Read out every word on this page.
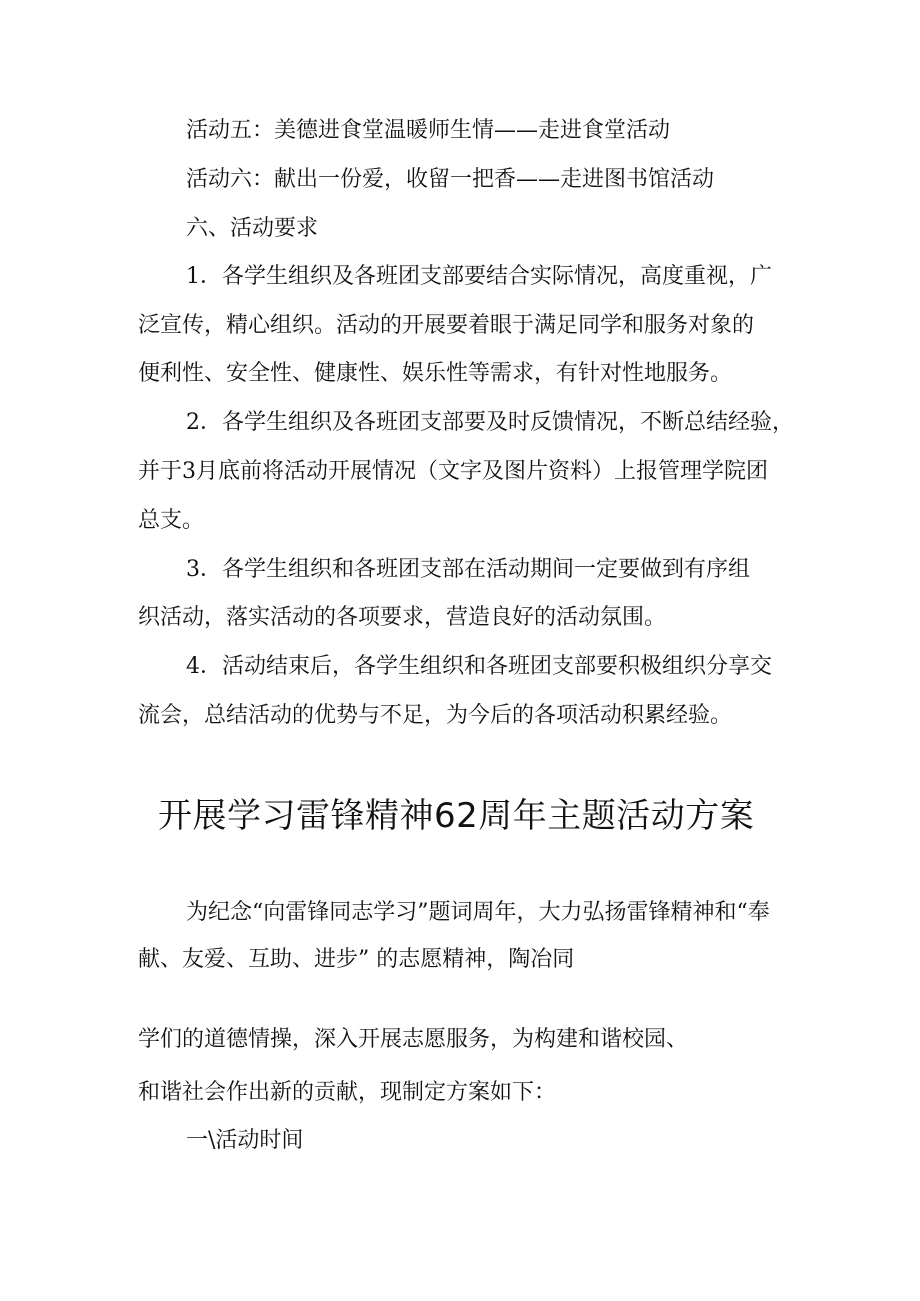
活动五：美德进食堂温暖师生情——走进食堂活动
活动六：献出一份爱，收留一把香——走进图书馆活动
六、活动要求
1．各学生组织及各班团支部要结合实际情况，高度重视，广
泛宣传，精心组织。活动的开展要着眼于满足同学和服务对象的
便利性、安全性、健康性、娱乐性等需求，有针对性地服务。
2．各学生组织及各班团支部要及时反馈情况，不断总结经验，
并于3月底前将活动开展情况（文字及图片资料）上报管理学院团
总支。
3．各学生组织和各班团支部在活动期间一定要做到有序组
织活动，落实活动的各项要求，营造良好的活动氛围。
4．活动结束后，各学生组织和各班团支部要积极组织分享交
流会，总结活动的优势与不足，为今后的各项活动积累经验。
开展学习雷锋精神62周年主题活动方案
为纪念“向雷锋同志学习”题词周年，大力弘扬雷锋精神和“奉
献、友爱、互助、进步” 的志愿精神，陶冶同
学们的道德情操，深入开展志愿服务，为构建和谐校园、
和谐社会作出新的贡献，现制定方案如下：
一\活动时间
